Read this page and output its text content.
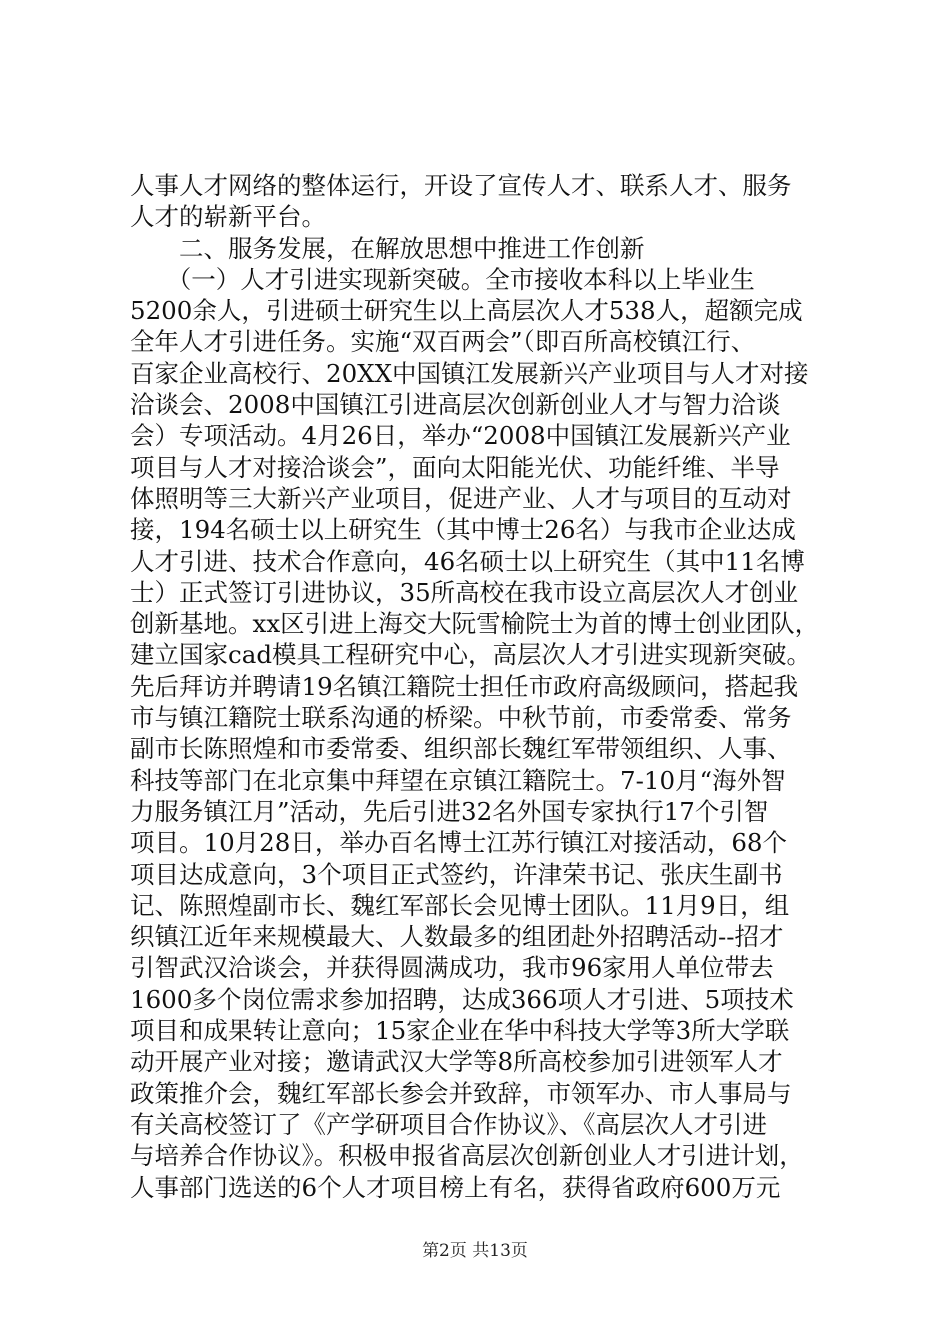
人事人才网络的整体运行，开设了宣传人才、联系人才、服务
人才的崭新平台。
　　二、服务发展，在解放思想中推进工作创新
　　（一）人才引进实现新突破。全市接收本科以上毕业生
5200余人，引进硕士研究生以上高层次人才538人，超额完成
全年人才引进任务。实施“双百两会”（即百所高校镇江行、
百家企业高校行、20XX中国镇江发展新兴产业项目与人才对接
洽谈会、2008中国镇江引进高层次创新创业人才与智力洽谈
会）专项活动。4月26日，举办“2008中国镇江发展新兴产业
项目与人才对接洽谈会”，面向太阳能光伏、功能纤维、半导
体照明等三大新兴产业项目，促进产业、人才与项目的互动对
接，194名硕士以上研究生（其中博士26名）与我市企业达成
人才引进、技术合作意向，46名硕士以上研究生（其中11名博
士）正式签订引进协议，35所高校在我市设立高层次人才创业
创新基地。xx区引进上海交大阮雪榆院士为首的博士创业团队，
建立国家cad模具工程研究中心，高层次人才引进实现新突破。
先后拜访并聘请19名镇江籍院士担任市政府高级顾问，搭起我
市与镇江籍院士联系沟通的桥梁。中秋节前，市委常委、常务
副市长陈照煌和市委常委、组织部长魏红军带领组织、人事、
科技等部门在北京集中拜望在京镇江籍院士。7-10月“海外智
力服务镇江月”活动，先后引进32名外国专家执行17个引智
项目。10月28日，举办百名博士江苏行镇江对接活动，68个
项目达成意向，3个项目正式签约，许津荣书记、张庆生副书
记、陈照煌副市长、魏红军部长会见博士团队。11月9日，组
织镇江近年来规模最大、人数最多的组团赴外招聘活动--招才
引智武汉洽谈会，并获得圆满成功，我市96家用人单位带去
1600多个岗位需求参加招聘，达成366项人才引进、5项技术
项目和成果转让意向；15家企业在华中科技大学等3所大学联
动开展产业对接；邀请武汉大学等8所高校参加引进领军人才
政策推介会，魏红军部长参会并致辞，市领军办、市人事局与
有关高校签订了《产学研项目合作协议》、《高层次人才引进
与培养合作协议》。积极申报省高层次创新创业人才引进计划，
人事部门选送的6个人才项目榜上有名，获得省政府600万元
第2页 共13页
